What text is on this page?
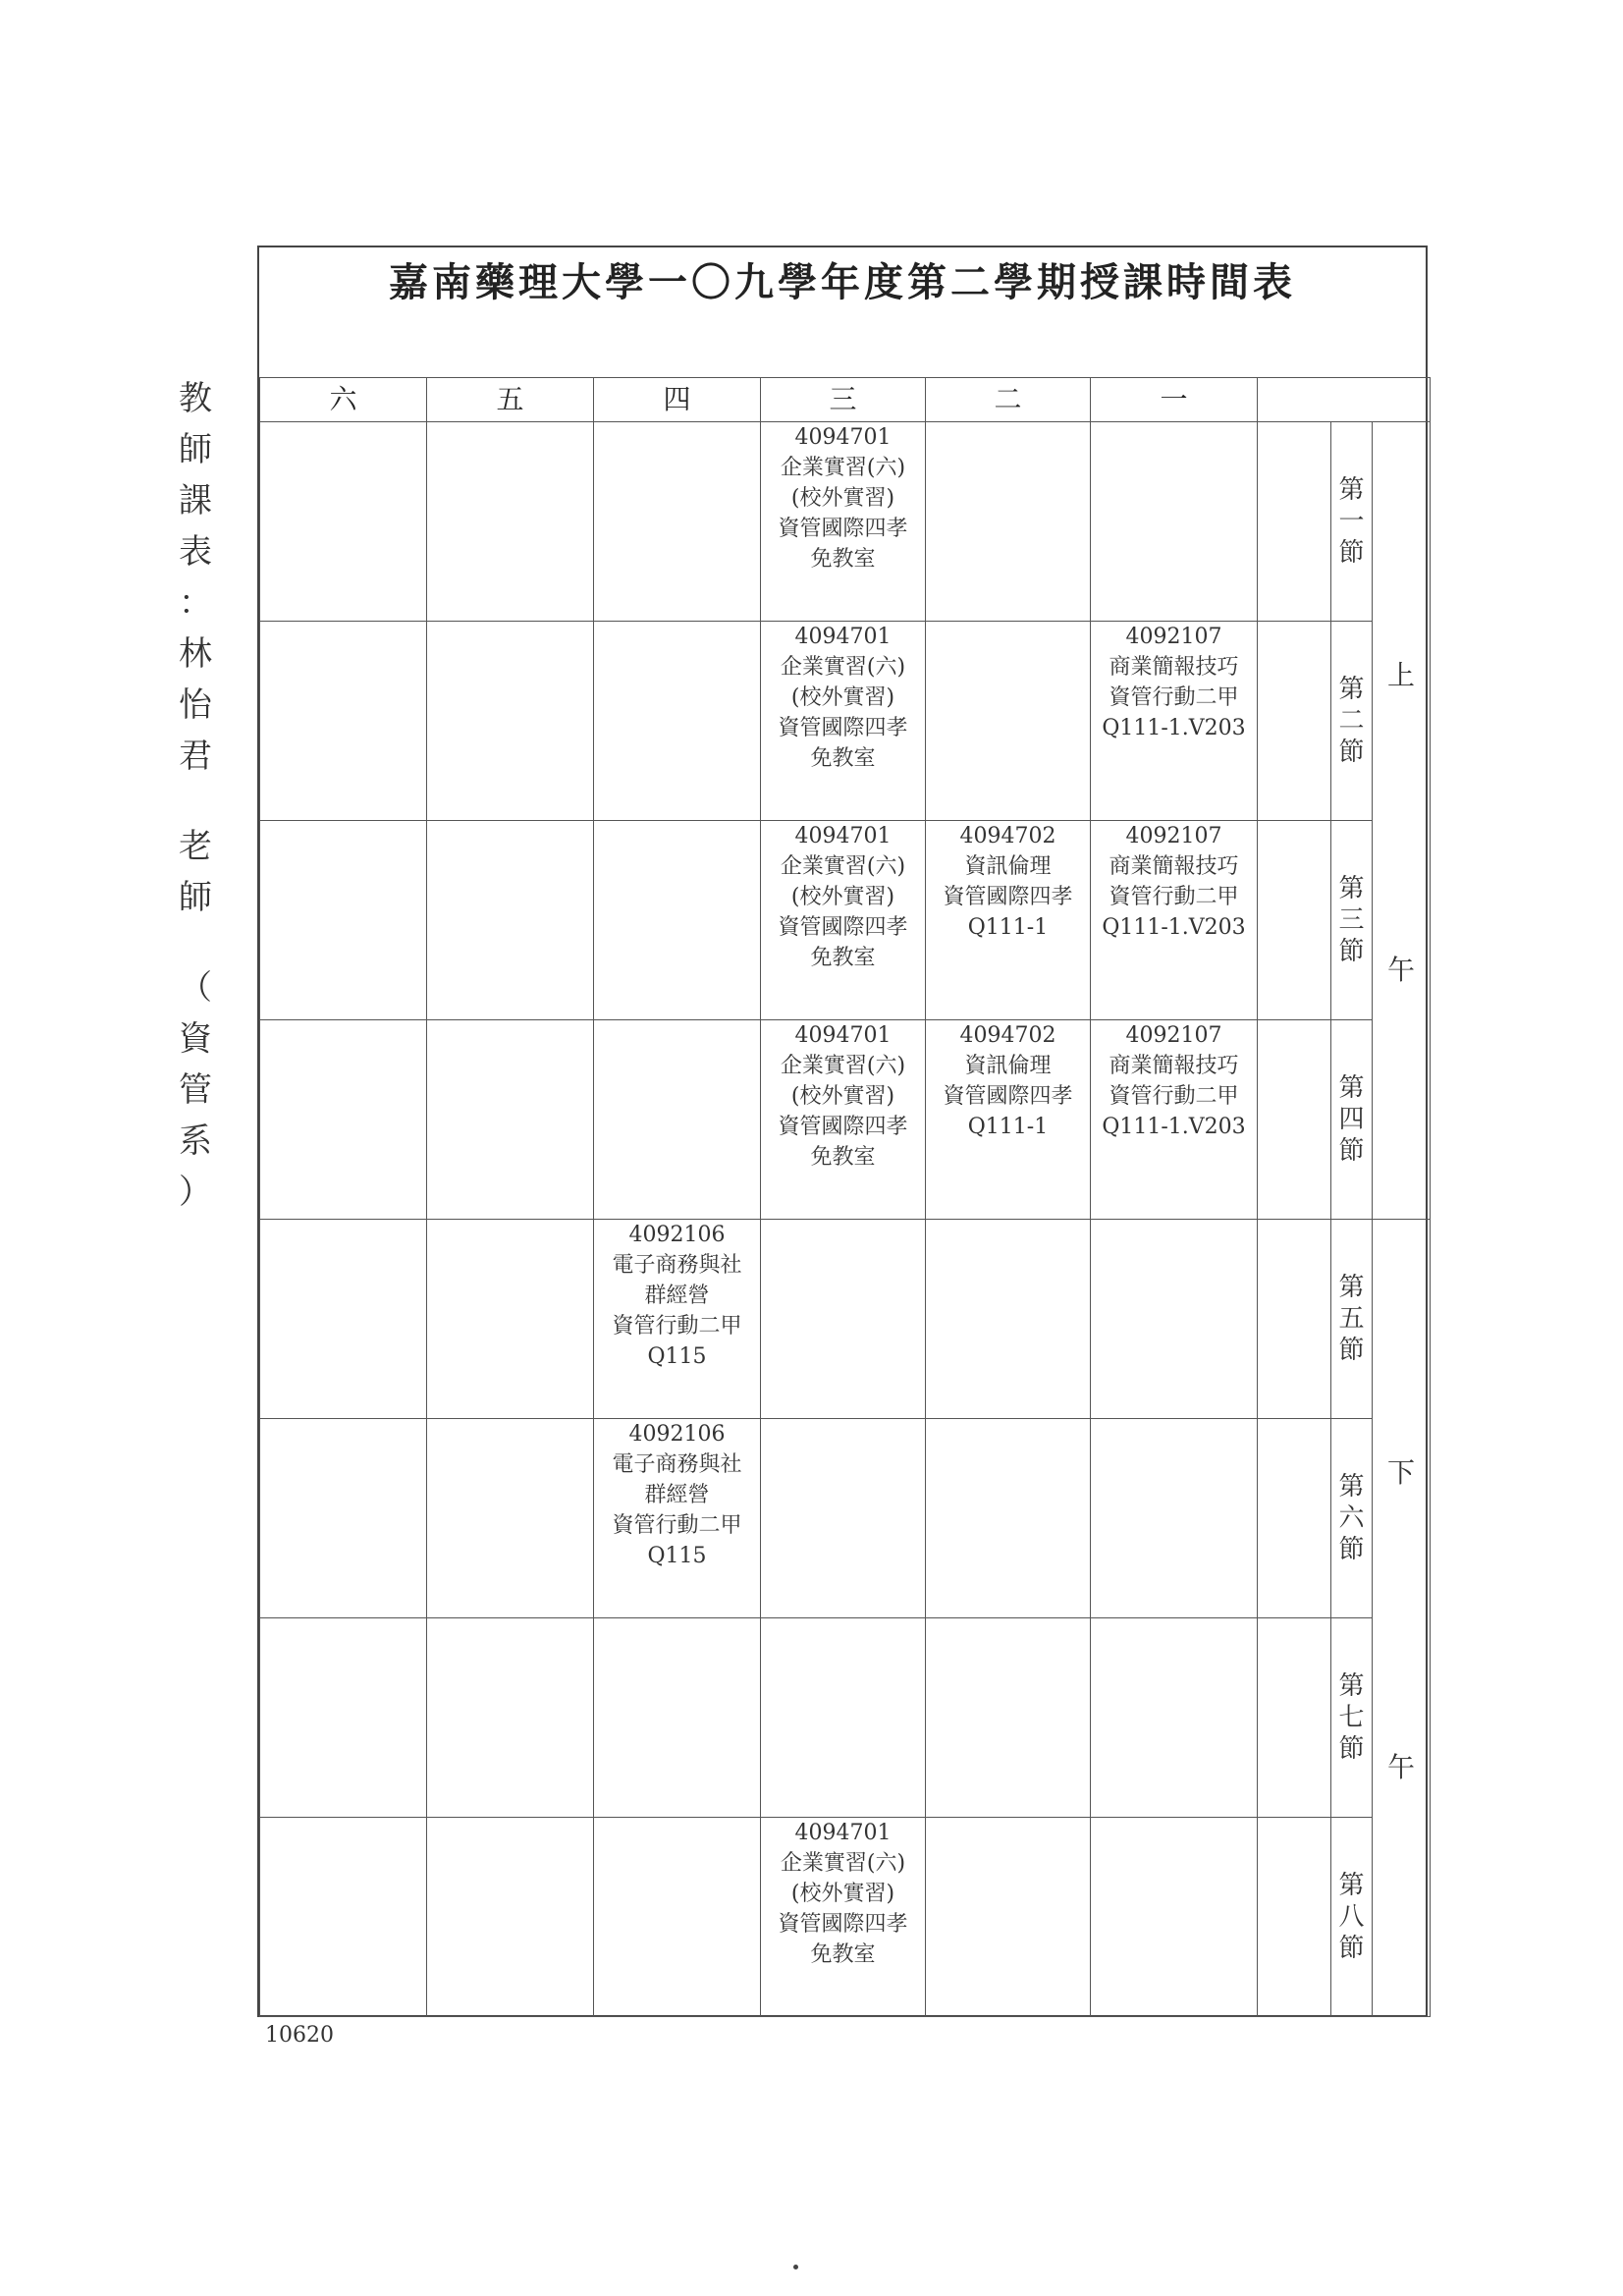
教
師
課
表
：
林
怡
君
老
師
（
資
管
系
）
嘉南藥理大學一〇九學年度第二學期授課時間表
六	五	四	三	二	一			

			4094701
企業實習(六)
(校外實習)
資管國際四孝
免教室				第
一
節	上
午

			4094701
企業實習(六)
(校外實習)
資管國際四孝
免教室		4092107
商業簡報技巧
資管行動二甲
Q111-1.V203		第
二
節	

			4094701
企業實習(六)
(校外實習)
資管國際四孝
免教室	4094702
資訊倫理
資管國際四孝
Q111-1	4092107
商業簡報技巧
資管行動二甲
Q111-1.V203		第
三
節	

			4094701
企業實習(六)
(校外實習)
資管國際四孝
免教室	4094702
資訊倫理
資管國際四孝
Q111-1	4092107
商業簡報技巧
資管行動二甲
Q111-1.V203		第
四
節	

		4092106
電子商務與社
群經營
資管行動二甲
Q115					第
五
節	下
午

		4092106
電子商務與社
群經營
資管行動二甲
Q115					第
六
節	

							第
七
節	

			4094701
企業實習(六)
(校外實習)
資管國際四孝
免教室				第
八
節	
10620
